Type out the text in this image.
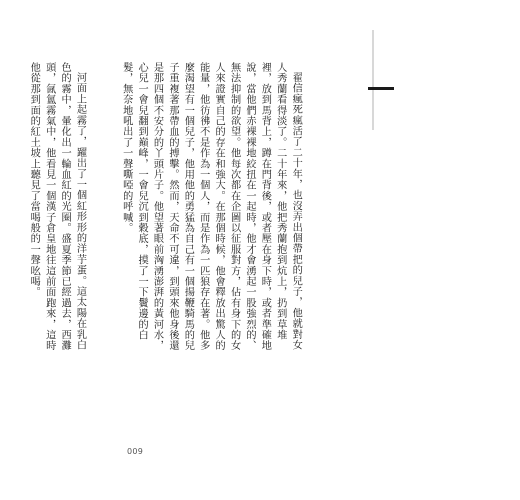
翟信瘋死瘋活了二十年，也沒弄出個帶把的兒子，他就對女人秀蘭看得淡了。二十年來，他把秀蘭抱到炕上，扔到草堆裡，放到馬背上，蹲在門背後，或者壓在身下時，或者準確地說，當他們赤裸裸地絞扭在一起時，他才會湧起一股強烈的、無法抑制的欲望。他每次都在企圖以征服對方，佔有身下的女人來證實自己的存在和強大。在那個時候，他會釋放出驚人的能量，他彷彿不是作為一個人，而是作為一匹狼存在著。他多麼渴望有一個兒子，他用他的勇猛為自己有一個揚鞭騎馬的兒子重複著那帶血的搏擊。然而，天命不可違，到頭來他身後還是那四個不安分的丫頭片子。他望著眼前洶湧澎湃的黃河水，心兒一會兒翻到巔峰，一會兒沉到穀底，摸了一下鬢邊的白髮，無奈地吼出了一聲嘶啞的呼喊。

河面上起霧了，躍出了一個紅形形的洋芋蛋。這太陽在乳白色的霧中，暈化出一輪血紅的光圈。盛夏季節已經過去，西灘頭，氤氳霧氣中，他看見一個漢子倉皇地往這前面跑來，這時他從那到面的紅土坡上聽見了當喝般的一聲吆喝。

009
